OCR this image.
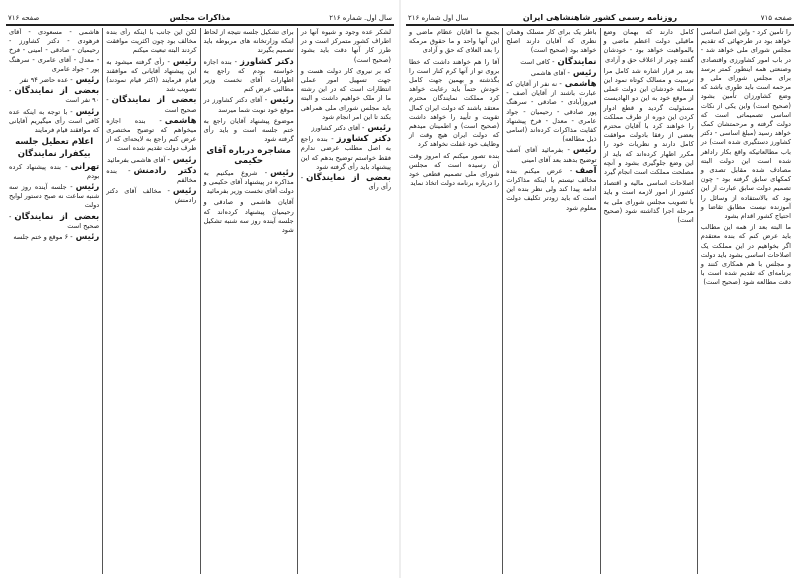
صفحه ۷۱۵
روزنامه رسمی کشور شاهنشاهی ایران
سال اول شماره ۲۱۶
را تأمین کرد - واین اصل اساسی خواهد بود در طرحهائی که تقدیم مجلس شورای ملی خواهد شد - در باب امور کشاورزی واقتصادی وصنعتی همه اینطور کمتر برسد برای مجلس شورای ملی و مرحمه است باید طوری باشد که وضع کشاورزان تأمین بشود (صحیح است) واین یکی از نکات اساسی تصمیماتی است که دولت گرفته و مرحمتشان کمک خواهد رسید (مبلغ اساسی - دکتر کشاورز دستگیری شده است) در باب مطالعاتیکه واقع بکار راداهر شده است این دولت البته مصادف شده مقابل تصدی و کمکهای سابق گرفته بود - چون تصمیم دولت سابق عبارت از این بود که بالاستفاده از وسائل را آموزنده نیست مطابق تقاضا و احتیاج کشور اقدام بشود
ما البته بعد از همه این مطالب باید عرض کنم که بنده معتقدم اگر بخواهیم در این مملکت یک اصلاحات اساسی بشود باید دولت و مجلس با هم همکاری کنند و برنامه‌ای که تقدیم شده است با دقت مطالعه شود (صحیح است)
کامل دارند که بهمان وضع ماقبلی دولت اعظم ماضی و بالمواهبت خواهد بود - خودشان گفتند چوتر از اعلاف حق و آزادی
بعد بر قرار اشاره شد کامل مرا ترسیت و مسالک کوتاه نمود این مساله خودشان این دولت عملی از موقع خود به این دو الهادیست مسئولیت گردید و قطع ادوار کردن این دوره از طرف مملکت را خواهند کرد با آقایان محترم بعضی از رفقا بادولت موافقت کامل دارند و نظریات خود را مکرر اظهار کرده‌اند که باید از این وضع جلوگیری بشود و آنچه مصلحت مملکت است انجام گیرد
اصلاحات اساسی مالیه و اقتصاد کشور از امور لازمه است و باید با تصویب مجلس شورای ملی به مرحله اجرا گذاشته شود (صحیح است)
باطر یک برای کار مسلک وهمان نظری که آقایان دارند اصلح خواهد بود (صحیح است)
نمایندگان- کافی است
رئیس- آقای هاشمی
هاشمی- نه نفر از آقایان که عبارت باشند از آقایان آصف - فیروزآبادی - صادقی - سرهنگ پور صادقی - رحیمیان - جواد عامری - معدل - فرخ پیشنهاد کفایت مذاکرات کرده‌اند (اسامی ذیل مطالعه)
رئیس- بفرمائید آقای آصف توضیح بدهند بعد آقای امینی
آصف- عرض میکنم بنده مخالف نیستم با اینکه مذاکرات ادامه پیدا کند ولی نظر بنده این است که باید زودتر تکلیف دولت معلوم شود
بجمع ما آقایان عظام ماضی و این آنها واحد و ما حقوق مرمکه را بعد العلای که حق و آزادی
آقا را هم خواهند داشت که خطا بروی تو از آنها کرم کنار است را بگذشته و بهمین جهت کامل خودش حتماً باید رعایت خواهد کرد مملکت نمایندگان محترم معتقد باشند که دولت ایران کمال تقویت و تأیید را خواهد داشت (صحیح است) و اطمینان میدهم که دولت ایران هیچ وقت از وظایف خود غفلت نخواهد کرد
بنده تصور میکنم که امروز وقت آن رسیده است که مجلس شورای ملی تصمیم قطعی خود را درباره برنامه دولت اتخاذ نماید
سال اول. شماره ۲۱۶
مذاکرات مجلس
صفحه ۷۱۶
لشکر عده وجود و شیوه آنها در اطراف کشور متمرکز است و در طرز کار آنها دقت باید بشود (صحیح است)
که بر نیروی کار دولت هست و جهت تسهیل امور عملی انتظارات است که در این رشته ما از ملک خواهیم داشت و البته باید مجلس شورای ملی همراهی بکند تا این امر انجام شود
رئیس- آقای دکتر کشاورز
دکتر کشاورز- بنده راجع به اصل مطلب عرضی ندارم فقط خواستم توضیح بدهم که این پیشنهاد باید رأی گرفته شود
بعضی از نمایندگان- رأی رأی
برای تشکیل جلسه نتیجه از لحاظ اینکه وزارتخانه های مربوطه باید تصمیم بگیرند
دکتر کشاورز- بنده اجازه خواسته بودم که راجع به اظهارات آقای نخست وزیر مطالبی عرض کنم
رئیس- آقای دکتر کشاورز در موقع خود نوبت شما میرسد
موضوع پیشنهاد آقایان راجع به ختم جلسه است و باید رأی گرفته شود
مشاجره درباره آقای حکیمی
رئیس- شروع میکنیم به مذاکره در پیشنهاد آقای حکیمی و دولت آقای نخست وزیر بفرمائید
آقایان هاشمی و صادقی و رحیمیان پیشنهاد کرده‌اند که جلسه آینده روز سه شنبه تشکیل شود
لکن این جانب با اینکه رأی بنده مخالف بود چون اکثریت موافقت کردند البته تبعیت میکنم
رئیس- رأی گرفته میشود به این پیشنهاد آقایانی که موافقند قیام فرمایند (اکثر قیام نمودند) تصویب شد
بعضی از نمایندگان- صحیح است
هاشمی- بنده اجازه میخواهم که توضیح مختصری عرض کنم راجع به لایحه‌ای که از طرف دولت تقدیم شده است
رئیس- آقای هاشمی بفرمائید
دکتر رادمنش- بنده مخالفم
رئیس- مخالف آقای دکتر رادمنش
هاشمی - مسعودی - آقای فرهودی - دکتر کشاورز - رحیمیان - صادقی - امینی - فرخ - معدل - آقای عامری - سرهنگ پور - جواد عامری
رئیس- عده حاضر ۹۴ نفر
بعضی از نمایندگان- ۹۰ نفر است
رئیس- با توجه به اینکه عده کافی است رأی میگیریم آقایانی که موافقند قیام فرمایند
اعلام تعطیل جلسه
بیکفرار نمایندگان
تهرانی- بنده پیشنهاد کرده بودم
رئیس- جلسه آینده روز سه شنبه ساعت نه صبح دستور لوایح دولت
بعضی از نمایندگان- صحیح است
رئیس- ۶ موقع و ختم جلسه
